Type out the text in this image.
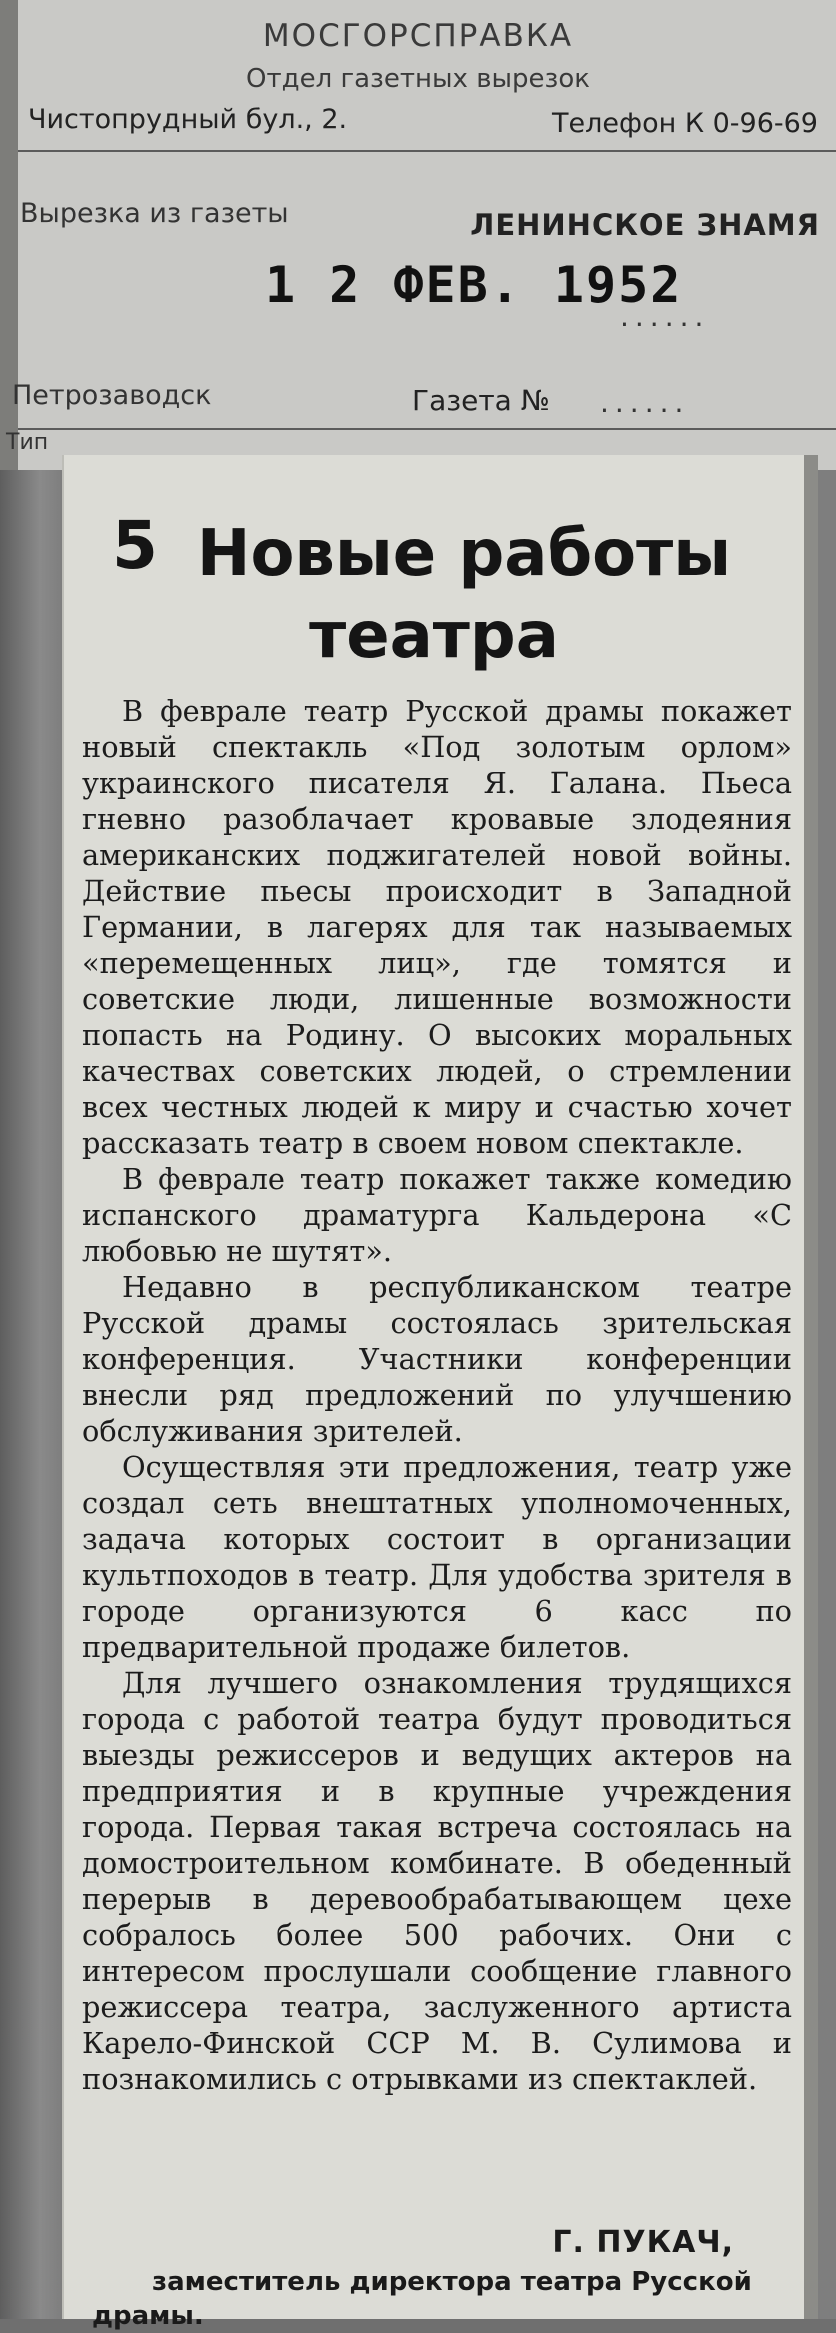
МОСГОРСПРАВКА
Отдел газетных вырезок
Чистопрудный бул., 2.	Телефон К 0-96-69
Вырезка из газеты	ЛЕНИНСКОЕ ЗНАМЯ
1 2 ФЕВ. 1952
......
Петрозаводск	Газета № ......
Тип
5 Новые работы
театра

В феврале театр Русской драмы покажет новый спектакль «Под золотым орлом» украинского писателя Я. Галана. Пьеса гневно разоблачает кровавые злодеяния американских поджигателей новой войны. Действие пьесы происходит в Западной Германии, в лагерях для так называемых «перемещенных лиц», где томятся и советские люди, лишенные возможности попасть на Родину. О высоких моральных качествах советских людей, о стремлении всех честных людей к миру и счастью хочет рассказать театр в своем новом спектакле.

В феврале театр покажет также комедию испанского драматурга Кальдерона «С любовью не шутят».

Недавно в республиканском театре Русской драмы состоялась зрительская конференция. Участники конференции внесли ряд предложений по улучшению обслуживания зрителей.

Осуществляя эти предложения, театр уже создал сеть внештатных уполномоченных, задача которых состоит в организации культпоходов в театр. Для удобства зрителя в городе организуются 6 касс по предварительной продаже билетов.

Для лучшего ознакомления трудящихся города с работой театра будут проводиться выезды режиссеров и ведущих актеров на предприятия и в крупные учреждения города. Первая такая встреча состоялась на домостроительном комбинате. В обеденный перерыв в деревообрабатывающем цехе собралось более 500 рабочих. Они с интересом прослушали сообщение главного режиссера театра, заслуженного артиста Карело-Финской ССР М. В. Сулимова и познакомились с отрывками из спектаклей.

Г. ПУКАЧ,
заместитель директора театра Русской драмы.
